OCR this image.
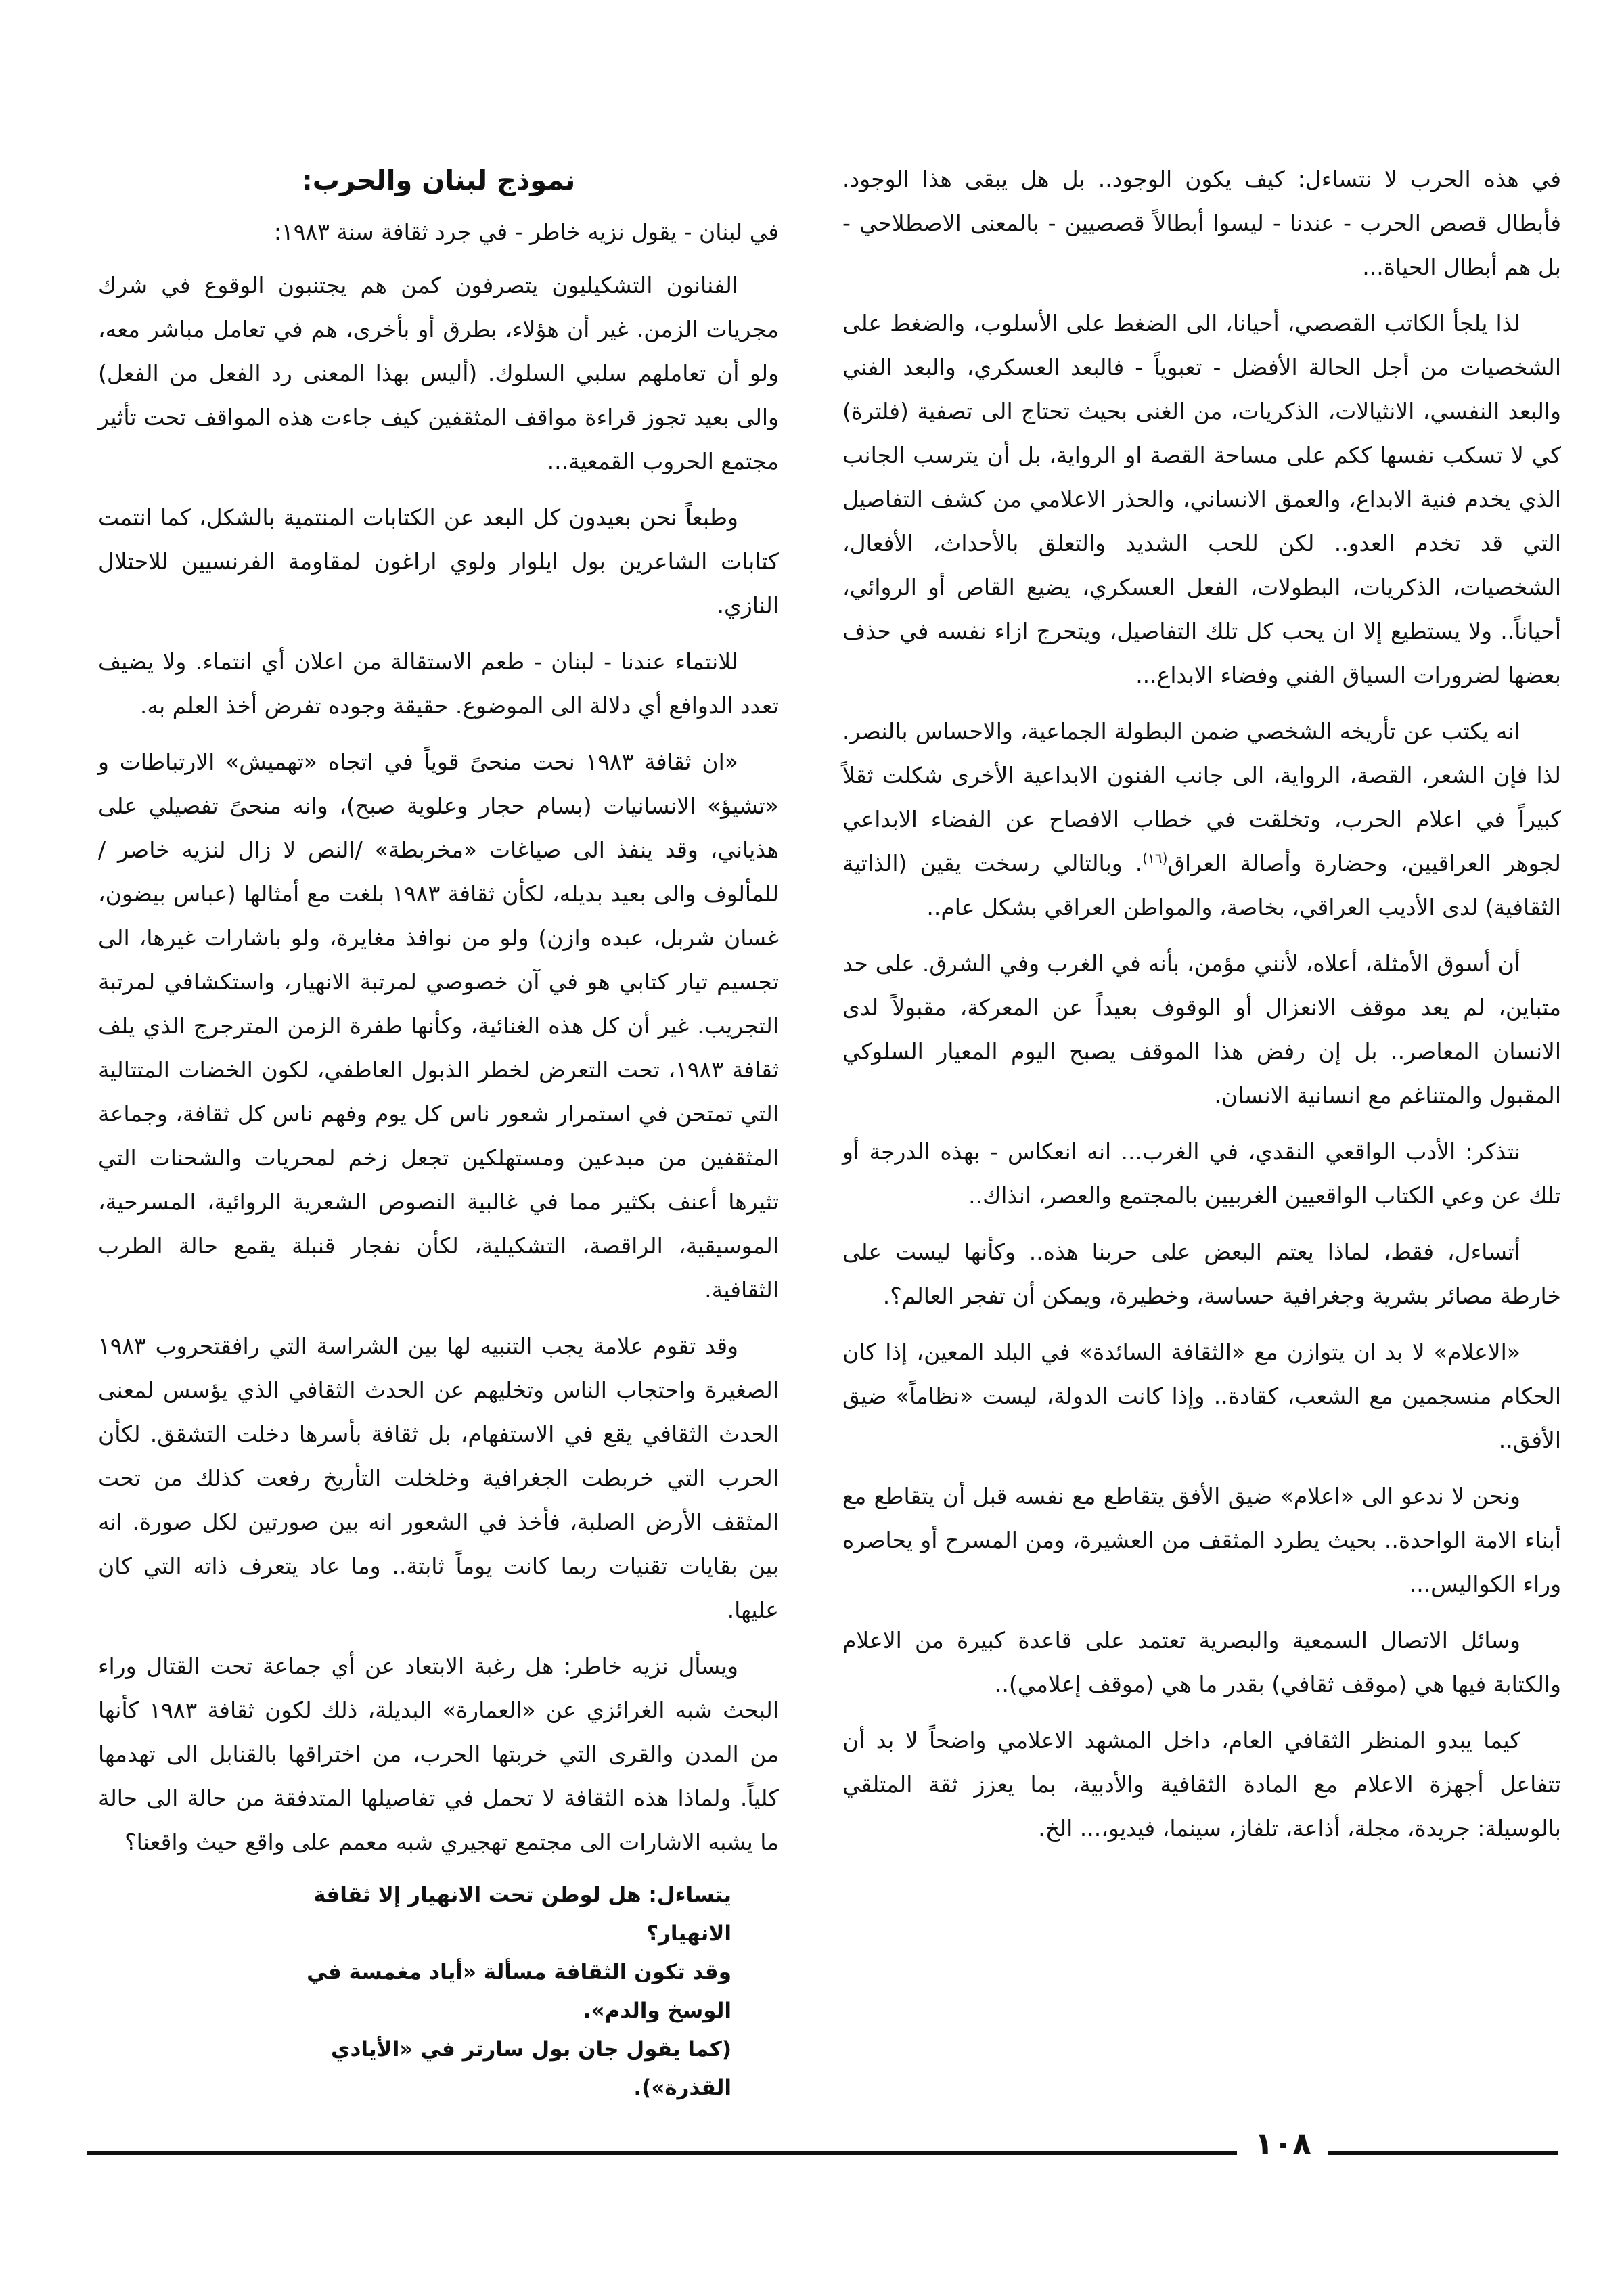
في هذه الحرب لا نتساءل: كيف يكون الوجود.. بل هل يبقى هذا الوجود. فأبطال قصص الحرب - عندنا - ليسوا أبطالاً قصصيين - بالمعنى الاصطلاحي - بل هم أبطال الحياة...

لذا يلجأ الكاتب القصصي، أحيانا، الى الضغط على الأسلوب، والضغط على الشخصيات من أجل الحالة الأفضل - تعبوياً - فالبعد العسكري، والبعد الفني والبعد النفسي، الانثيالات، الذكريات، من الغنى بحيث تحتاج الى تصفية (فلترة) كي لا تسكب نفسها ككم على مساحة القصة او الرواية، بل أن يترسب الجانب الذي يخدم فنية الابداع، والعمق الانساني، والحذر الاعلامي من كشف التفاصيل التي قد تخدم العدو.. لكن للحب الشديد والتعلق بالأحداث، الأفعال، الشخصيات، الذكريات، البطولات، الفعل العسكري، يضيع القاص أو الروائي، أحياناً.. ولا يستطيع إلا ان يحب كل تلك التفاصيل، ويتحرج ازاء نفسه في حذف بعضها لضرورات السياق الفني وفضاء الابداع...

انه يكتب عن تأريخه الشخصي ضمن البطولة الجماعية، والاحساس بالنصر. لذا فإن الشعر، القصة، الرواية، الى جانب الفنون الابداعية الأخرى شكلت ثقلاً كبيراً في اعلام الحرب، وتخلقت في خطاب الافصاح عن الفضاء الابداعي لجوهر العراقيين، وحضارة وأصالة العراق$^{(١٦)}$. وبالتالي رسخت يقين (الذاتية الثقافية) لدى الأديب العراقي، بخاصة، والمواطن العراقي بشكل عام..

أن أسوق الأمثلة، أعلاه، لأنني مؤمن، بأنه في الغرب وفي الشرق. على حد متباين، لم يعد موقف الانعزال أو الوقوف بعيداً عن المعركة، مقبولاً لدى الانسان المعاصر.. بل إن رفض هذا الموقف يصبح اليوم المعيار السلوكي المقبول والمتناغم مع انسانية الانسان.

نتذكر: الأدب الواقعي النقدي، في الغرب... انه انعكاس - بهذه الدرجة أو تلك عن وعي الكتاب الواقعيين الغربيين بالمجتمع والعصر، انذاك..

أتساءل، فقط، لماذا يعتم البعض على حربنا هذه.. وكأنها ليست على خارطة مصائر بشرية وجغرافية حساسة، وخطيرة، ويمكن أن تفجر العالم؟.

«الاعلام» لا بد ان يتوازن مع «الثقافة السائدة» في البلد المعين، إذا كان الحكام منسجمين مع الشعب، كقادة.. وإذا كانت الدولة، ليست «نظاماً» ضيق الأفق..

ونحن لا ندعو الى «اعلام» ضيق الأفق يتقاطع مع نفسه قبل أن يتقاطع مع أبناء الامة الواحدة.. بحيث يطرد المثقف من العشيرة، ومن المسرح أو يحاصره وراء الكواليس...

وسائل الاتصال السمعية والبصرية تعتمد على قاعدة كبيرة من الاعلام والكتابة فيها هي (موقف ثقافي) بقدر ما هي (موقف إعلامي)..

كيما يبدو المنظر الثقافي العام، داخل المشهد الاعلامي واضحاً لا بد أن تتفاعل أجهزة الاعلام مع المادة الثقافية والأدبية، بما يعزز ثقة المتلقي بالوسيلة: جريدة، مجلة، أذاعة، تلفاز، سينما، فيديو،... الخ.

نموذج لبنان والحرب:
في لبنان - يقول نزيه خاطر - في جرد ثقافة سنة ١٩٨٣:

الفنانون التشكيليون يتصرفون كمن هم يجتنبون الوقوع في شرك مجريات الزمن. غير أن هؤلاء، بطرق أو بأخرى، هم في تعامل مباشر معه، ولو أن تعاملهم سلبي السلوك. (أليس بهذا المعنى رد الفعل من الفعل) والى بعيد تجوز قراءة مواقف المثقفين كيف جاءت هذه المواقف تحت تأثير مجتمع الحروب القمعية...

وطبعاً نحن بعيدون كل البعد عن الكتابات المنتمية بالشكل، كما انتمت كتابات الشاعرين بول ايلوار ولوي اراغون لمقاومة الفرنسيين للاحتلال النازي.

للانتماء عندنا - لبنان - طعم الاستقالة من اعلان أي انتماء. ولا يضيف تعدد الدوافع أي دلالة الى الموضوع. حقيقة وجوده تفرض أخذ العلم به.

«ان ثقافة ١٩٨٣ نحت منحىً قوياً في اتجاه «تهميش» الارتباطات و «تشيؤ» الانسانيات (بسام حجار وعلوية صبح)، وانه منحىً تفصيلي على هذياني، وقد ينفذ الى صياغات «مخربطة» /النص لا زال لنزيه خاصر / للمألوف والى بعيد بديله، لكأن ثقافة ١٩٨٣ بلغت مع أمثالها (عباس بيضون، غسان شربل، عبده وازن) ولو من نوافذ مغايرة، ولو باشارات غيرها، الى تجسيم تيار كتابي هو في آن خصوصي لمرتبة الانهيار، واستكشافي لمرتبة التجريب. غير أن كل هذه الغنائية، وكأنها طفرة الزمن المترجرج الذي يلف ثقافة ١٩٨٣، تحت التعرض لخطر الذبول العاطفي، لكون الخضات المتتالية التي تمتحن في استمرار شعور ناس كل يوم وفهم ناس كل ثقافة، وجماعة المثقفين من مبدعين ومستهلكين تجعل زخم لمحريات والشحنات التي تثيرها أعنف بكثير مما في غالبية النصوص الشعرية الروائية، المسرحية، الموسيقية، الراقصة، التشكيلية، لكأن نفجار قنبلة يقمع حالة الطرب الثقافية.

وقد تقوم علامة يجب التنبيه لها بين الشراسة التي رافقتحروب ١٩٨٣ الصغيرة واحتجاب الناس وتخليهم عن الحدث الثقافي الذي يؤسس لمعنى الحدث الثقافي يقع في الاستفهام، بل ثقافة بأسرها دخلت التشقق. لكأن الحرب التي خربطت الجغرافية وخلخلت التأريخ رفعت كذلك من تحت المثقف الأرض الصلبة، فأخذ في الشعور انه بين صورتين لكل صورة. انه بين بقايات تقنيات ربما كانت يوماً ثابتة.. وما عاد يتعرف ذاته التي كان عليها.

ويسأل نزيه خاطر: هل رغبة الابتعاد عن أي جماعة تحت القتال وراء البحث شبه الغرائزي عن «العمارة» البديلة، ذلك لكون ثقافة ١٩٨٣ كأنها من المدن والقرى التي خربتها الحرب، من اختراقها بالقنابل الى تهدمها كلياً. ولماذا هذه الثقافة لا تحمل في تفاصيلها المتدفقة من حالة الى حالة ما يشبه الاشارات الى مجتمع تهجيري شبه معمم على واقع حيث واقعنا؟

يتساءل: هل لوطن تحت الانهيار إلا ثقافة الانهيار؟
وقد تكون الثقافة مسألة «أياد مغمسة في الوسخ والدم».
(كما يقول جان بول سارتر في «الأيادي القذرة»).
١٠٨
